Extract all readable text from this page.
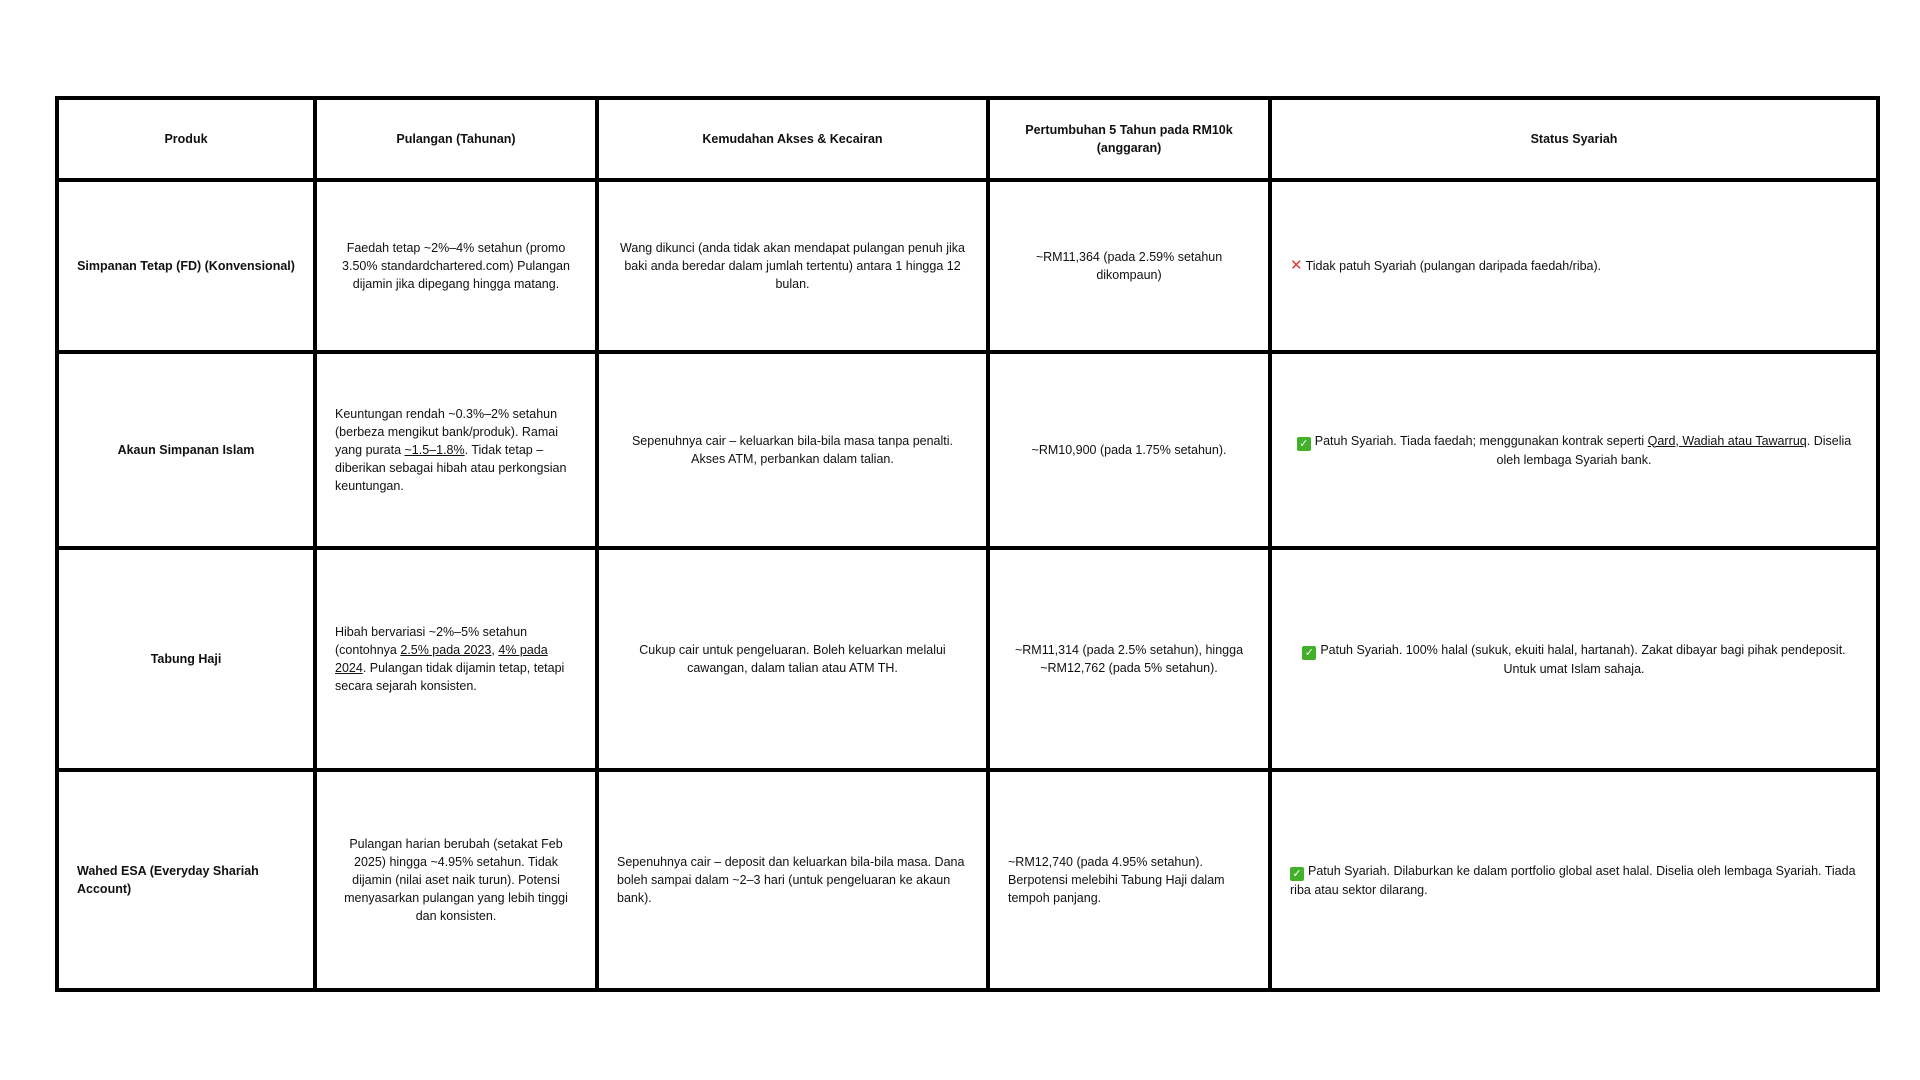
Produk	Pulangan (Tahunan)	Kemudahan Akses & Kecairan	Pertumbuhan 5 Tahun pada RM10k (anggaran)	Status Syariah
Simpanan Tetap (FD) (Konvensional)	Faedah tetap ~2%–4% setahun (promo 3.50% standardchartered.com) Pulangan dijamin jika dipegang hingga matang.	Wang dikunci (anda tidak akan mendapat pulangan penuh jika baki anda beredar dalam jumlah tertentu) antara 1 hingga 12 bulan.	~RM11,364 (pada 2.59% setahun dikompaun)	✕ Tidak patuh Syariah (pulangan daripada faedah/riba).
Akaun Simpanan Islam	Keuntungan rendah ~0.3%–2% setahun (berbeza mengikut bank/produk). Ramai yang purata ~1.5–1.8%. Tidak tetap – diberikan sebagai hibah atau perkongsian keuntungan.	Sepenuhnya cair – keluarkan bila-bila masa tanpa penalti. Akses ATM, perbankan dalam talian.	~RM10,900 (pada 1.75% setahun).	✓ Patuh Syariah. Tiada faedah; menggunakan kontrak seperti Qard, Wadiah atau Tawarruq. Diselia oleh lembaga Syariah bank.
Tabung Haji	Hibah bervariasi ~2%–5% setahun (contohnya 2.5% pada 2023, 4% pada 2024. Pulangan tidak dijamin tetap, tetapi secara sejarah konsisten.	Cukup cair untuk pengeluaran. Boleh keluarkan melalui cawangan, dalam talian atau ATM TH.	~RM11,314 (pada 2.5% setahun), hingga ~RM12,762 (pada 5% setahun).	✓ Patuh Syariah. 100% halal (sukuk, ekuiti halal, hartanah). Zakat dibayar bagi pihak pendeposit. Untuk umat Islam sahaja.
Wahed ESA (Everyday Shariah Account)	Pulangan harian berubah (setakat Feb 2025) hingga ~4.95% setahun. Tidak dijamin (nilai aset naik turun). Potensi menyasarkan pulangan yang lebih tinggi dan konsisten.	Sepenuhnya cair – deposit dan keluarkan bila-bila masa. Dana boleh sampai dalam ~2–3 hari (untuk pengeluaran ke akaun bank).	~RM12,740 (pada 4.95% setahun). Berpotensi melebihi Tabung Haji dalam tempoh panjang.	✓ Patuh Syariah. Dilaburkan ke dalam portfolio global aset halal. Diselia oleh lembaga Syariah. Tiada riba atau sektor dilarang.
